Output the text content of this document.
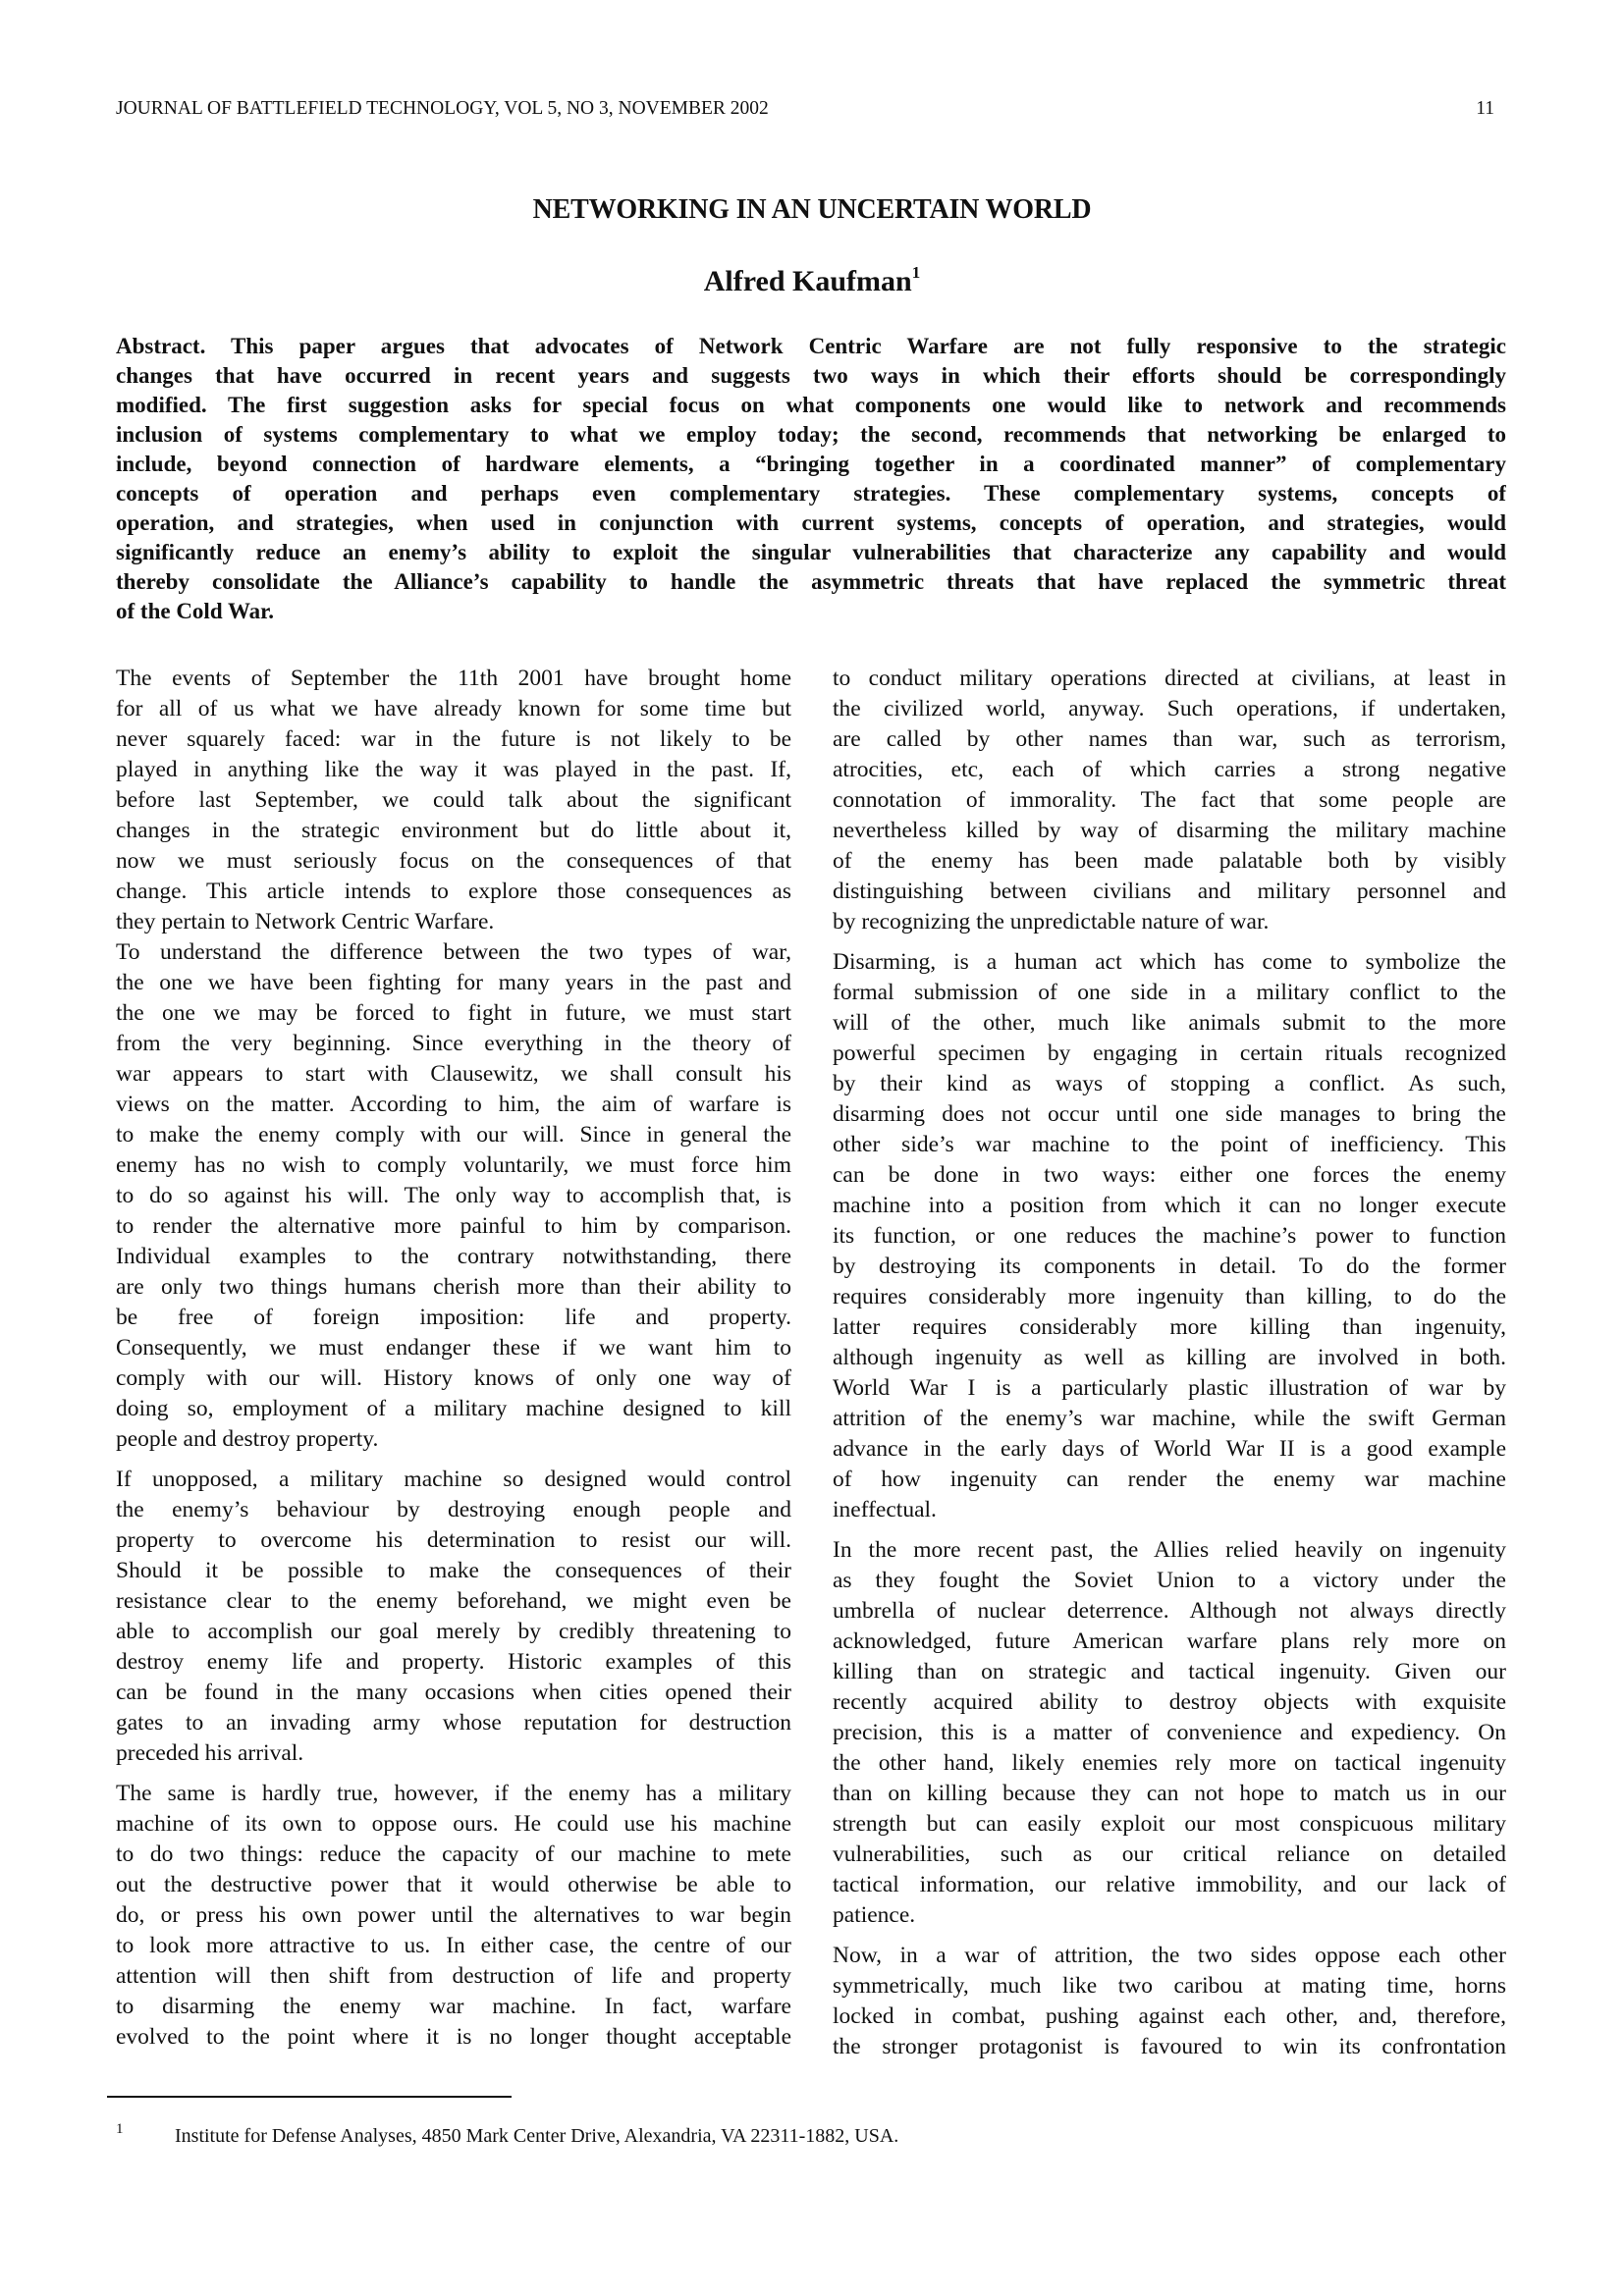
JOURNAL OF BATTLEFIELD TECHNOLOGY, VOL 5, NO 3, NOVEMBER 2002	11
NETWORKING IN AN UNCERTAIN WORLD
Alfred Kaufman$^1$
Abstract. This paper argues that advocates of Network Centric Warfare are not fully responsive to the strategic
changes that have occurred in recent years and suggests two ways in which their efforts should be correspondingly
modified. The first suggestion asks for special focus on what components one would like to network and recommends
inclusion of systems complementary to what we employ today; the second, recommends that networking be enlarged to
include, beyond connection of hardware elements, a “bringing together in a coordinated manner” of complementary
concepts of operation and perhaps even complementary strategies. These complementary systems, concepts of
operation, and strategies, when used in conjunction with current systems, concepts of operation, and strategies, would
significantly reduce an enemy’s ability to exploit the singular vulnerabilities that characterize any capability and would
thereby consolidate the Alliance’s capability to handle the asymmetric threats that have replaced the symmetric threat
of the Cold War.
The events of September the 11th 2001 have brought home
for all of us what we have already known for some time but
never squarely faced: war in the future is not likely to be
played in anything like the way it was played in the past. If,
before last September, we could talk about the significant
changes in the strategic environment but do little about it,
now we must seriously focus on the consequences of that
change. This article intends to explore those consequences as
they pertain to Network Centric Warfare.
To understand the difference between the two types of war,
the one we have been fighting for many years in the past and
the one we may be forced to fight in future, we must start
from the very beginning. Since everything in the theory of
war appears to start with Clausewitz, we shall consult his
views on the matter. According to him, the aim of warfare is
to make the enemy comply with our will. Since in general the
enemy has no wish to comply voluntarily, we must force him
to do so against his will. The only way to accomplish that, is
to render the alternative more painful to him by comparison.
Individual examples to the contrary notwithstanding, there
are only two things humans cherish more than their ability to
be free of foreign imposition: life and property.
Consequently, we must endanger these if we want him to
comply with our will. History knows of only one way of
doing so, employment of a military machine designed to kill
people and destroy property.
If unopposed, a military machine so designed would control
the enemy’s behaviour by destroying enough people and
property to overcome his determination to resist our will.
Should it be possible to make the consequences of their
resistance clear to the enemy beforehand, we might even be
able to accomplish our goal merely by credibly threatening to
destroy enemy life and property. Historic examples of this
can be found in the many occasions when cities opened their
gates to an invading army whose reputation for destruction
preceded his arrival.
The same is hardly true, however, if the enemy has a military
machine of its own to oppose ours. He could use his machine
to do two things: reduce the capacity of our machine to mete
out the destructive power that it would otherwise be able to
do, or press his own power until the alternatives to war begin
to look more attractive to us. In either case, the centre of our
attention will then shift from destruction of life and property
to disarming the enemy war machine. In fact, warfare
evolved to the point where it is no longer thought acceptable
to conduct military operations directed at civilians, at least in
the civilized world, anyway. Such operations, if undertaken,
are called by other names than war, such as terrorism,
atrocities, etc, each of which carries a strong negative
connotation of immorality. The fact that some people are
nevertheless killed by way of disarming the military machine
of the enemy has been made palatable both by visibly
distinguishing between civilians and military personnel and
by recognizing the unpredictable nature of war.
Disarming, is a human act which has come to symbolize the
formal submission of one side in a military conflict to the
will of the other, much like animals submit to the more
powerful specimen by engaging in certain rituals recognized
by their kind as ways of stopping a conflict. As such,
disarming does not occur until one side manages to bring the
other side’s war machine to the point of inefficiency. This
can be done in two ways: either one forces the enemy
machine into a position from which it can no longer execute
its function, or one reduces the machine’s power to function
by destroying its components in detail. To do the former
requires considerably more ingenuity than killing, to do the
latter requires considerably more killing than ingenuity,
although ingenuity as well as killing are involved in both.
World War I is a particularly plastic illustration of war by
attrition of the enemy’s war machine, while the swift German
advance in the early days of World War II is a good example
of how ingenuity can render the enemy war machine
ineffectual.
In the more recent past, the Allies relied heavily on ingenuity
as they fought the Soviet Union to a victory under the
umbrella of nuclear deterrence. Although not always directly
acknowledged, future American warfare plans rely more on
killing than on strategic and tactical ingenuity. Given our
recently acquired ability to destroy objects with exquisite
precision, this is a matter of convenience and expediency. On
the other hand, likely enemies rely more on tactical ingenuity
than on killing because they can not hope to match us in our
strength but can easily exploit our most conspicuous military
vulnerabilities, such as our critical reliance on detailed
tactical information, our relative immobility, and our lack of
patience.
Now, in a war of attrition, the two sides oppose each other
symmetrically, much like two caribou at mating time, horns
locked in combat, pushing against each other, and, therefore,
the stronger protagonist is favoured to win its confrontation
1	Institute for Defense Analyses, 4850 Mark Center Drive, Alexandria, VA 22311-1882, USA.
